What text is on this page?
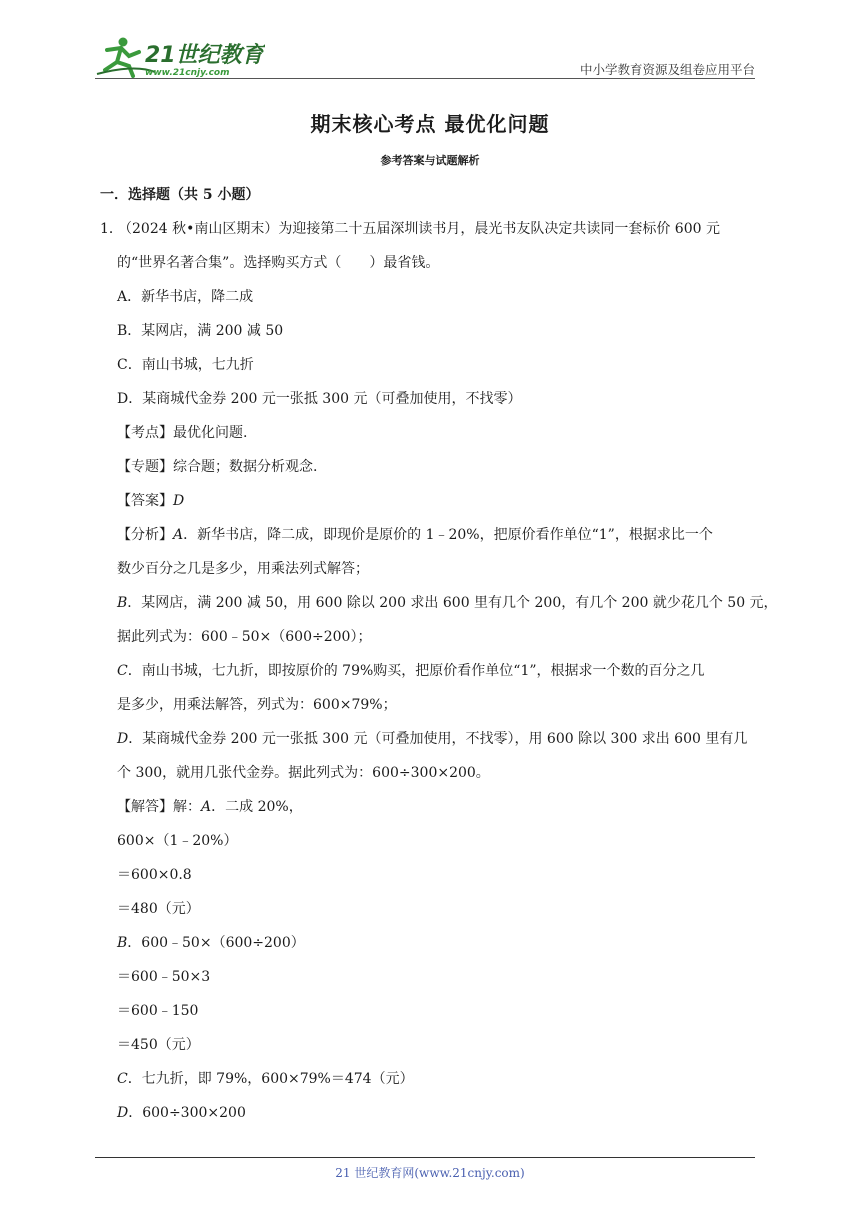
21世纪教育
www.21cnjy.com	中小学教育资源及组卷应用平台
期末核心考点 最优化问题
参考答案与试题解析
一．选择题（共 5 小题）
1．（2024 秋•南山区期末）为迎接第二十五届深圳读书月，晨光书友队决定共读同一套标价 600 元
的“世界名著合集”。选择购买方式（　　）最省钱。
A．新华书店，降二成
B．某网店，满 200 减 50
C．南山书城，七九折
D．某商城代金券 200 元一张抵 300 元（可叠加使用，不找零）
【考点】最优化问题.
【专题】综合题；数据分析观念.
【答案】D
【分析】A．新华书店，降二成，即现价是原价的 1﹣20%，把原价看作单位“1”，根据求比一个
数少百分之几是多少，用乘法列式解答；
B．某网店，满 200 减 50，用 600 除以 200 求出 600 里有几个 200，有几个 200 就少花几个 50 元，
据此列式为：600﹣50×（600÷200）；
C．南山书城，七九折，即按原价的 79%购买，把原价看作单位“1”，根据求一个数的百分之几
是多少，用乘法解答，列式为：600×79%；
D．某商城代金券 200 元一张抵 300 元（可叠加使用，不找零），用 600 除以 300 求出 600 里有几
个 300，就用几张代金券。据此列式为：600÷300×200。
【解答】解：A．二成 20%，
600×（1﹣20%）
＝600×0.8
＝480（元）
B．600﹣50×（600÷200）
＝600﹣50×3
＝600﹣150
＝450（元）
C．七九折，即 79%，600×79%＝474（元）
D．600÷300×200
21 世纪教育网(www.21cnjy.com)
